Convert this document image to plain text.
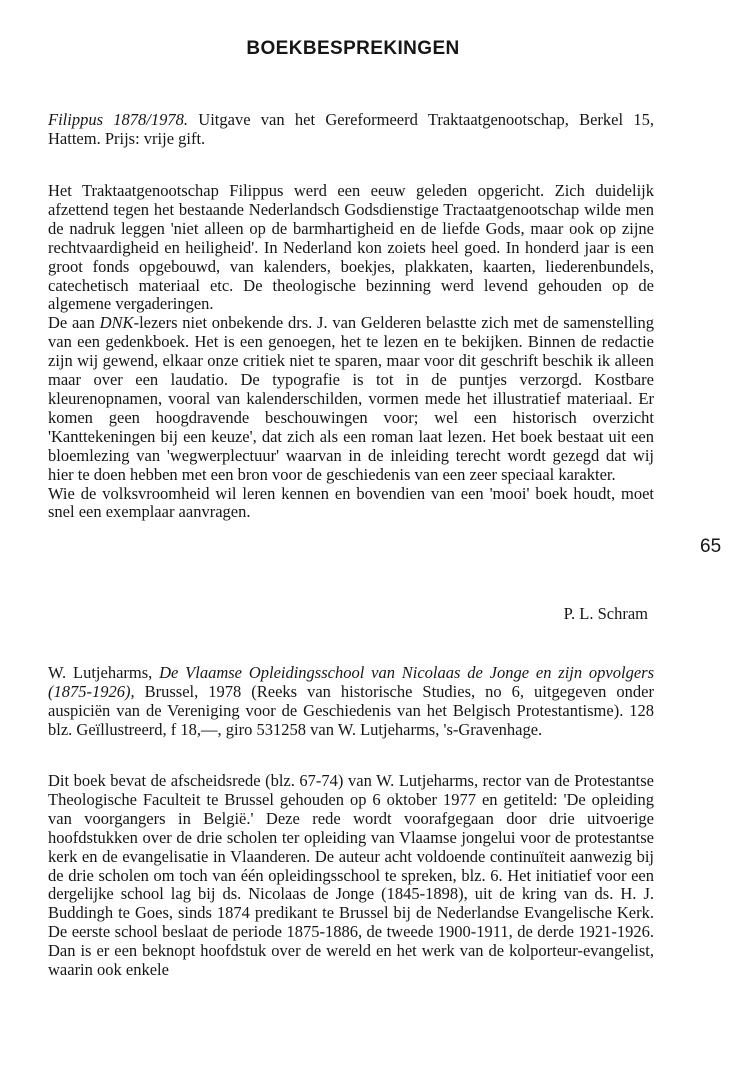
BOEKBESPREKINGEN

Filippus 1878/1978. Uitgave van het Gereformeerd Traktaatgenootschap, Berkel 15, Hattem. Prijs: vrije gift.

Het Traktaatgenootschap Filippus werd een eeuw geleden opgericht. Zich duidelijk afzettend tegen het bestaande Nederlandsch Godsdienstige Tractaatgenootschap wilde men de nadruk leggen 'niet alleen op de barmhartigheid en de liefde Gods, maar ook op zijne rechtvaardigheid en heiligheid'. In Nederland kon zoiets heel goed. In honderd jaar is een groot fonds opgebouwd, van kalenders, boekjes, plakkaten, kaarten, liederenbundels, catechetisch materiaal etc. De theologische bezinning werd levend gehouden op de algemene vergaderingen.

De aan DNK-lezers niet onbekende drs. J. van Gelderen belastte zich met de samenstelling van een gedenkboek. Het is een genoegen, het te lezen en te bekijken. Binnen de redactie zijn wij gewend, elkaar onze critiek niet te sparen, maar voor dit geschrift beschik ik alleen maar over een laudatio. De typografie is tot in de puntjes verzorgd. Kostbare kleurenopnamen, vooral van kalenderschilden, vormen mede het illustratief materiaal. Er komen geen hoogdravende beschouwingen voor; wel een historisch overzicht 'Kanttekeningen bij een keuze', dat zich als een roman laat lezen. Het boek bestaat uit een bloemlezing van 'wegwerplectuur' waarvan in de inleiding terecht wordt gezegd dat wij hier te doen hebben met een bron voor de geschiedenis van een zeer speciaal karakter.

Wie de volksvroomheid wil leren kennen en bovendien van een 'mooi' boek houdt, moet snel een exemplaar aanvragen.

P. L. Schram
65

W. Lutjeharms, De Vlaamse Opleidingsschool van Nicolaas de Jonge en zijn opvolgers (1875-1926), Brussel, 1978 (Reeks van historische Studies, no 6, uitgegeven onder auspiciën van de Vereniging voor de Geschiedenis van het Belgisch Protestantisme). 128 blz. Geïllustreerd, f 18,—, giro 531258 van W. Lutjeharms, 's-Gravenhage.

Dit boek bevat de afscheidsrede (blz. 67-74) van W. Lutjeharms, rector van de Protestantse Theologische Faculteit te Brussel gehouden op 6 oktober 1977 en getiteld: 'De opleiding van voorgangers in België.' Deze rede wordt voorafgegaan door drie uitvoerige hoofdstukken over de drie scholen ter opleiding van Vlaamse jongelui voor de protestantse kerk en de evangelisatie in Vlaanderen. De auteur acht voldoende continuïteit aanwezig bij de drie scholen om toch van één opleidingsschool te spreken, blz. 6. Het initiatief voor een dergelijke school lag bij ds. Nicolaas de Jonge (1845-1898), uit de kring van ds. H. J. Buddingh te Goes, sinds 1874 predikant te Brussel bij de Nederlandse Evangelische Kerk. De eerste school beslaat de periode 1875-1886, de tweede 1900-1911, de derde 1921-1926. Dan is er een beknopt hoofdstuk over de wereld en het werk van de kolporteur-evangelist, waarin ook enkele
